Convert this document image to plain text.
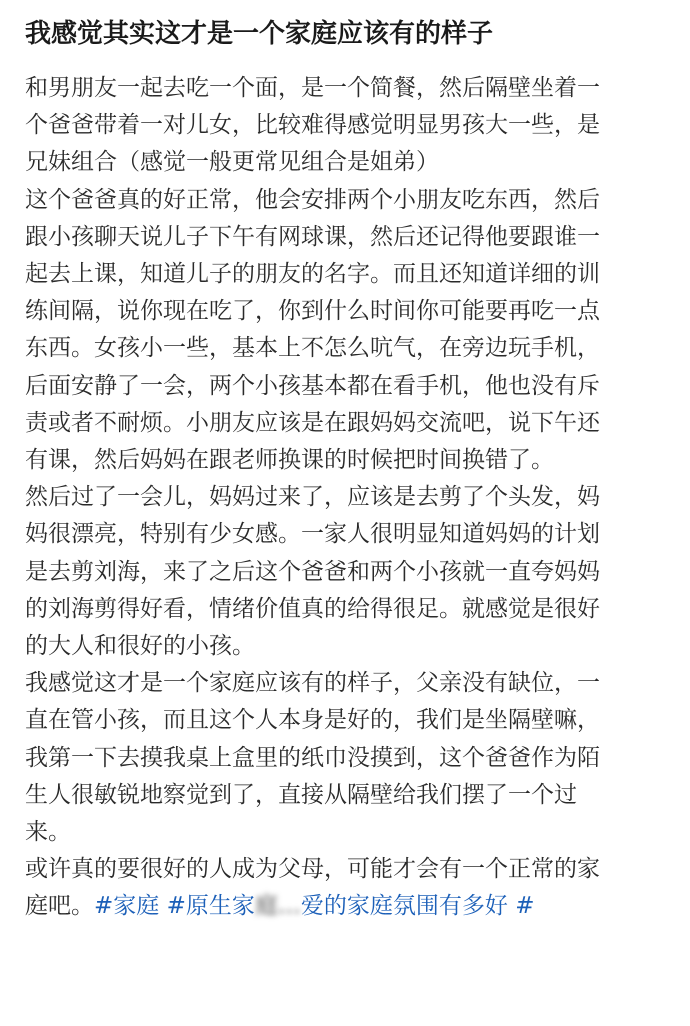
我感觉其实这才是一个家庭应该有的样子

和男朋友一起去吃一个面，是一个简餐，然后隔壁坐着一
个爸爸带着一对儿女，比较难得感觉明显男孩大一些，是
兄妹组合（感觉一般更常见组合是姐弟）

这个爸爸真的好正常，他会安排两个小朋友吃东西，然后
跟小孩聊天说儿子下午有网球课，然后还记得他要跟谁一
起去上课，知道儿子的朋友的名字。而且还知道详细的训
练间隔，说你现在吃了，你到什么时间你可能要再吃一点
东西。女孩小一些，基本上不怎么吭气，在旁边玩手机，
后面安静了一会，两个小孩基本都在看手机，他也没有斥
责或者不耐烦。小朋友应该是在跟妈妈交流吧，说下午还
有课，然后妈妈在跟老师换课的时候把时间换错了。

然后过了一会儿，妈妈过来了，应该是去剪了个头发，妈
妈很漂亮，特别有少女感。一家人很明显知道妈妈的计划
是去剪刘海，来了之后这个爸爸和两个小孩就一直夸妈妈
的刘海剪得好看，情绪价值真的给得很足。就感觉是很好
的大人和很好的小孩。

我感觉这才是一个家庭应该有的样子，父亲没有缺位，一
直在管小孩，而且这个人本身是好的，我们是坐隔壁嘛，
我第一下去摸我桌上盒里的纸巾没摸到，这个爸爸作为陌
生人很敏锐地察觉到了，直接从隔壁给我们摆了一个过
来。

或许真的要很好的人成为父母，可能才会有一个正常的家
庭吧。#家庭 #原生家庭…爱的家庭氛围有多好 #
